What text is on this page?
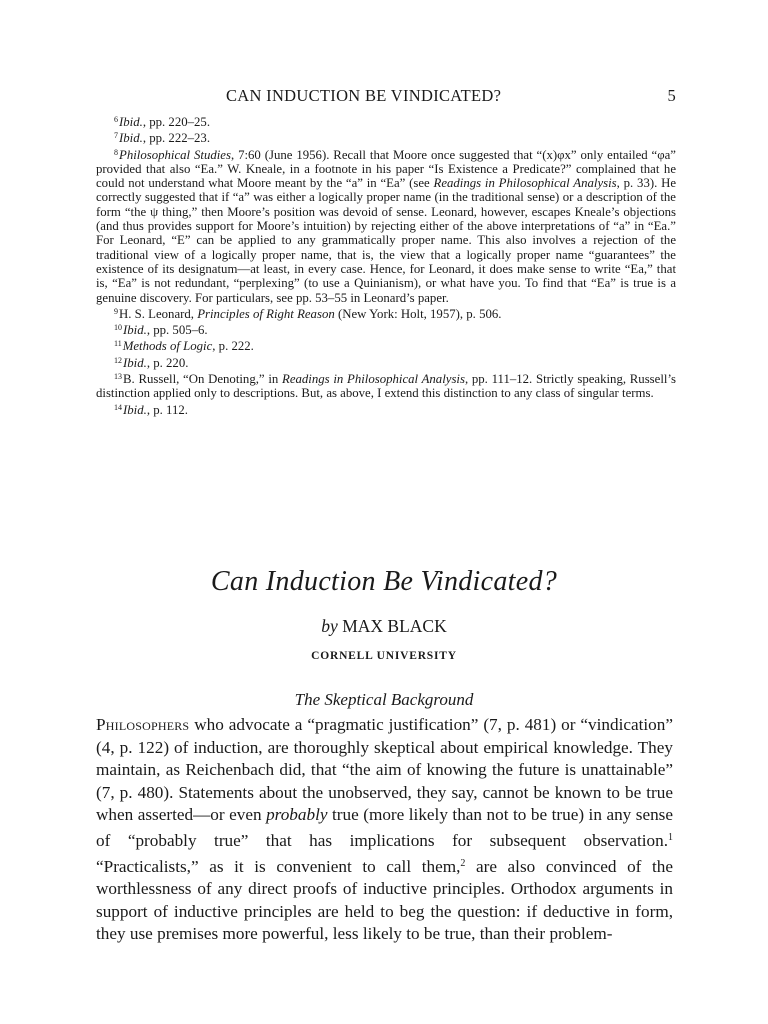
CAN INDUCTION BE VINDICATED?	5

$^6$Ibid., pp. 220–25.

$^7$Ibid., pp. 222–23.

$^8$Philosophical Studies, 7:60 (June 1956). Recall that Moore once suggested that “(x)φx” only entailed “φa” provided that also “Ea.” W. Kneale, in a footnote in his paper “Is Existence a Predicate?” complained that he could not understand what Moore meant by the “a” in “Ea” (see Readings in Philosophical Analysis, p. 33). He correctly suggested that if “a” was either a logically proper name (in the traditional sense) or a description of the form “the ψ thing,” then Moore’s position was devoid of sense. Leonard, however, escapes Kneale’s objections (and thus provides support for Moore’s intuition) by rejecting either of the above interpretations of “a” in “Ea.” For Leonard, “E” can be applied to any grammatically proper name. This also involves a rejection of the traditional view of a logically proper name, that is, the view that a logically proper name “guarantees” the existence of its designatum—at least, in every case. Hence, for Leonard, it does make sense to write “Ea,” that is, “Ea” is not redundant, “perplexing” (to use a Quinianism), or what have you. To find that “Ea” is true is a genuine discovery. For particulars, see pp. 53–55 in Leonard’s paper.

$^9$H. S. Leonard, Principles of Right Reason (New York: Holt, 1957), p. 506.

$^{10}$Ibid., pp. 505–6.

$^{11}$Methods of Logic, p. 222.

$^{12}$Ibid., p. 220.

$^{13}$B. Russell, “On Denoting,” in Readings in Philosophical Analysis, pp. 111–12. Strictly speaking, Russell’s distinction applied only to descriptions. But, as above, I extend this distinction to any class of singular terms.

$^{14}$Ibid., p. 112.

Can Induction Be Vindicated?
by MAX BLACK
CORNELL UNIVERSITY
The Skeptical Background

Philosophers who advocate a “pragmatic justification” (7, p. 481) or “vindication” (4, p. 122) of induction, are thoroughly skeptical about empirical knowledge. They maintain, as Reichenbach did, that “the aim of knowing the future is unattainable” (7, p. 480). Statements about the unobserved, they say, cannot be known to be true when asserted—or even probably true (more likely than not to be true) in any sense of “probably true” that has implications for subsequent observation.$^1$ “Practicalists,” as it is convenient to call them,$^2$ are also convinced of the worthlessness of any direct proofs of inductive principles. Orthodox arguments in support of inductive principles are held to beg the question: if deductive in form, they use premises more powerful, less likely to be true, than their problem-
